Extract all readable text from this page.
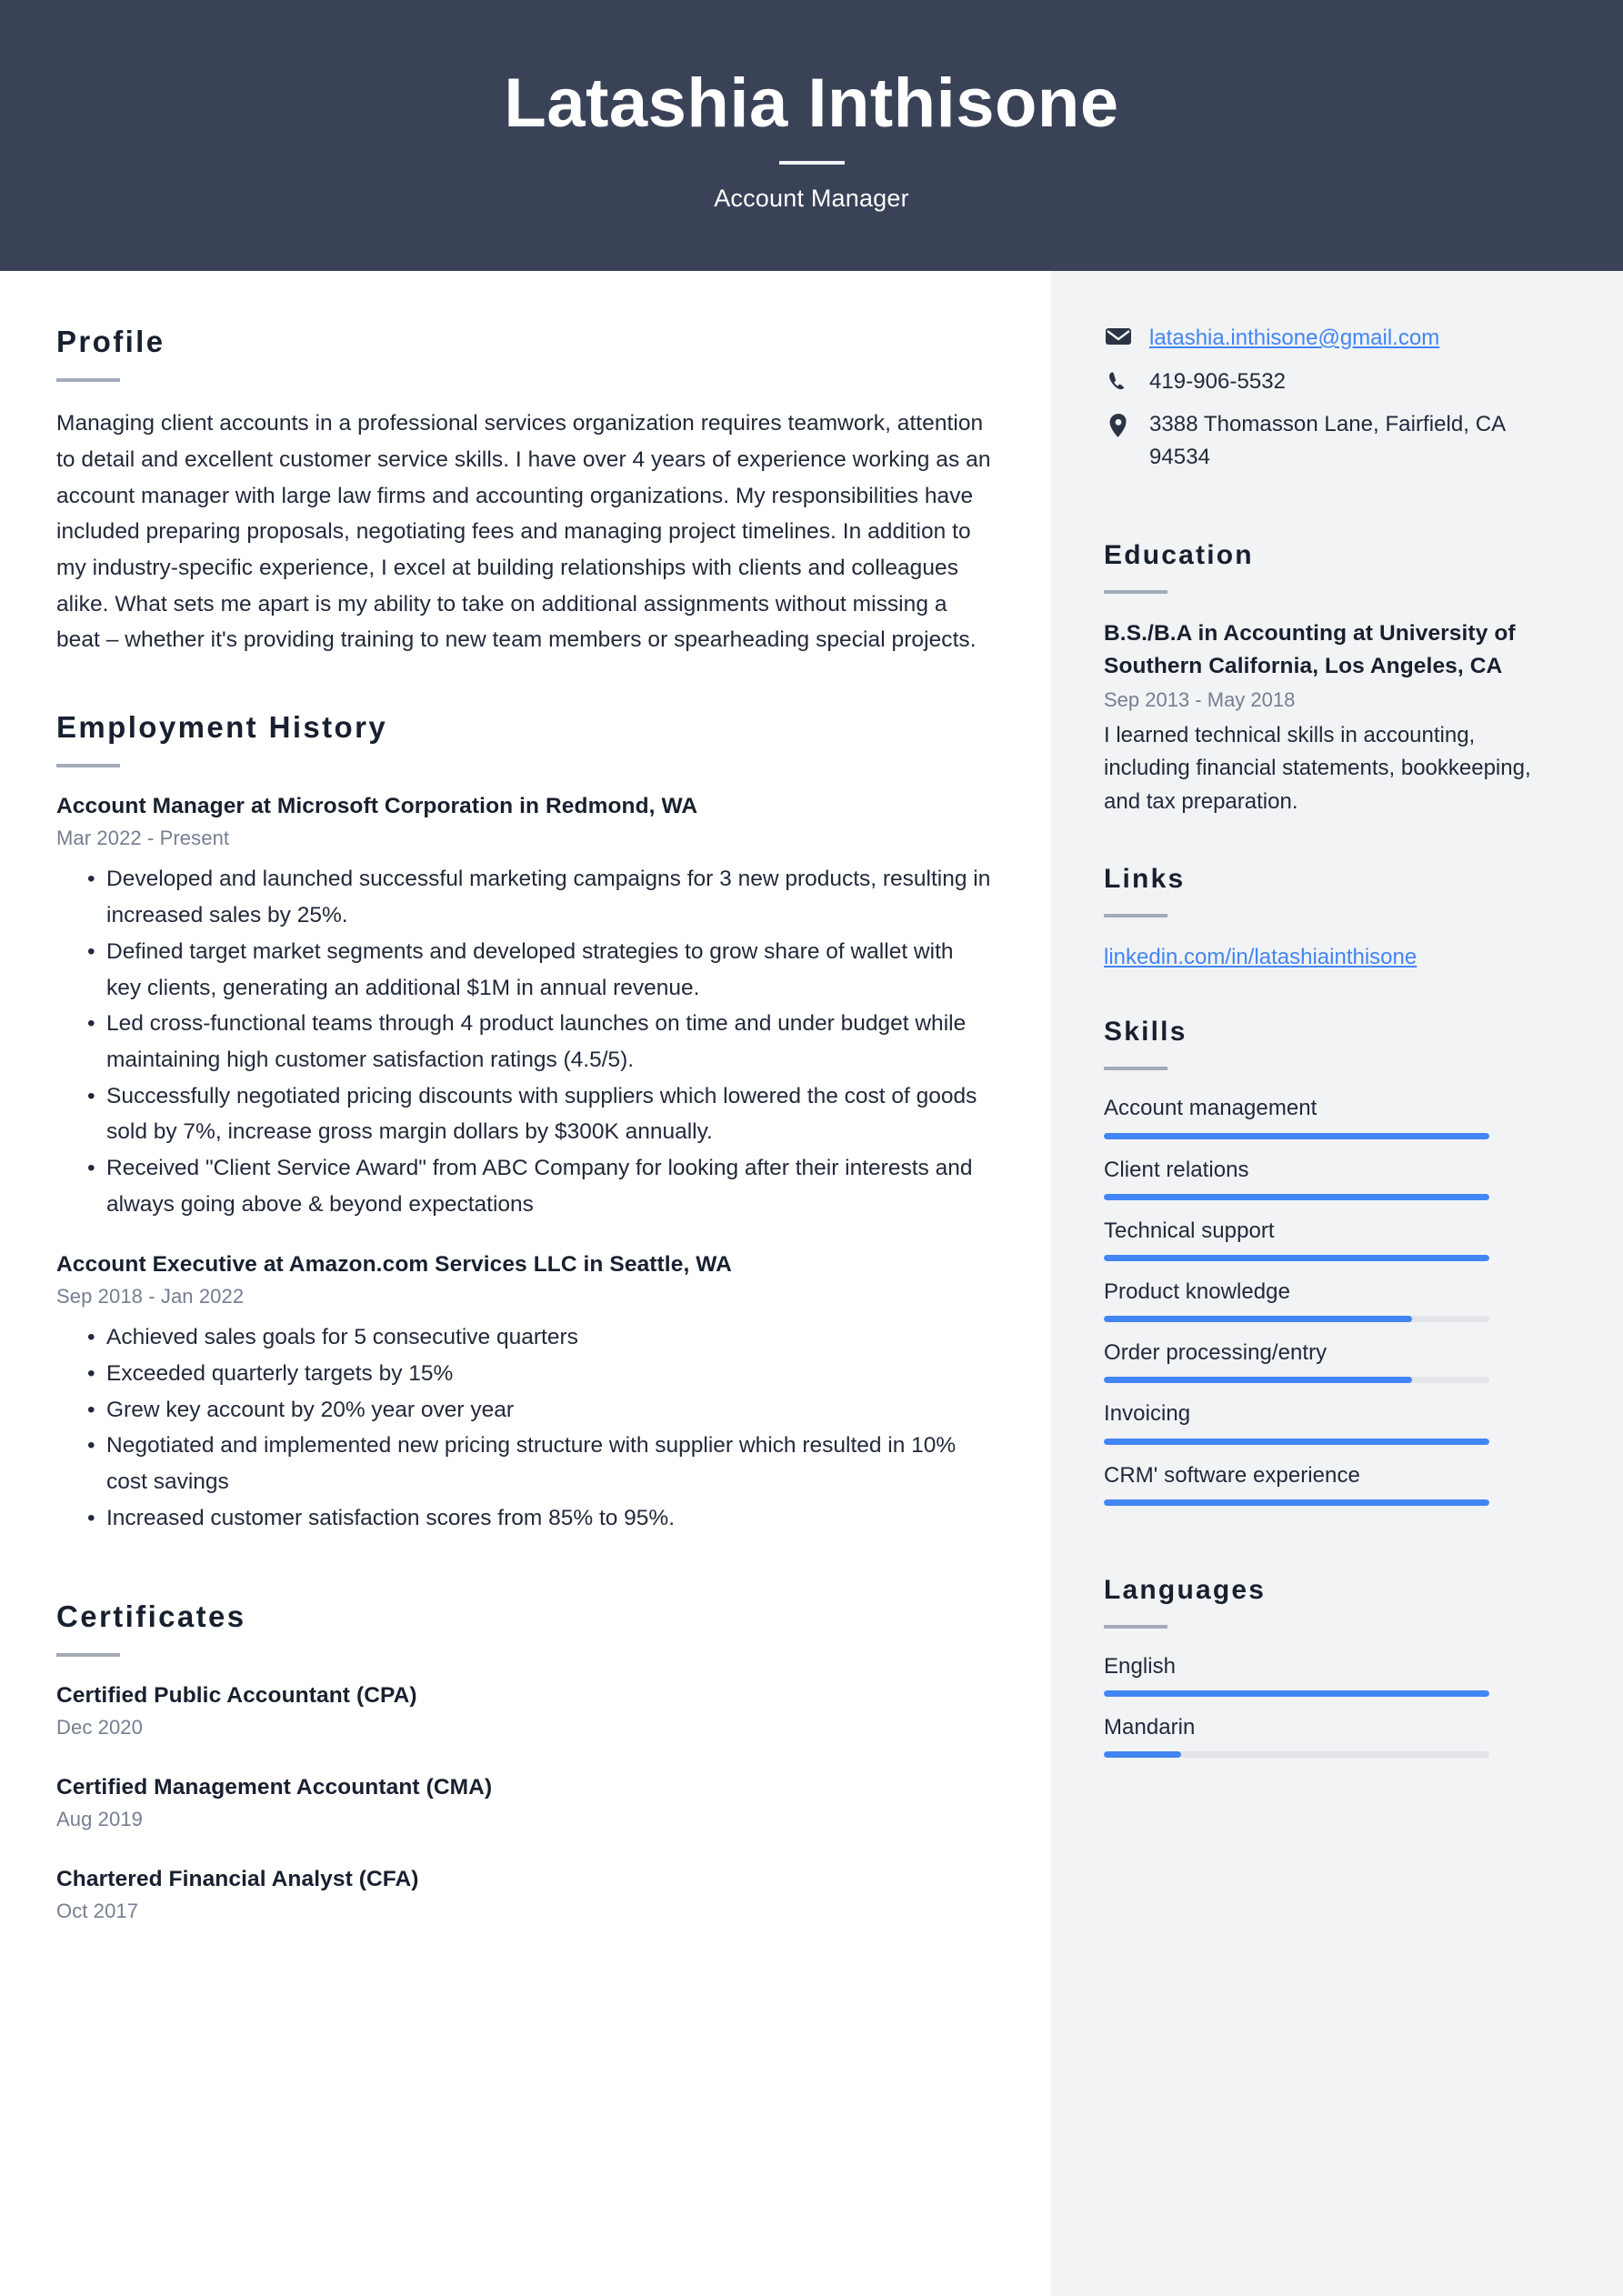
Latashia Inthisone
Account Manager
Profile
Managing client accounts in a professional services organization requires teamwork, attention to detail and excellent customer service skills. I have over 4 years of experience working as an account manager with large law firms and accounting organizations. My responsibilities have included preparing proposals, negotiating fees and managing project timelines. In addition to my industry-specific experience, I excel at building relationships with clients and colleagues alike. What sets me apart is my ability to take on additional assignments without missing a beat – whether it's providing training to new team members or spearheading special projects.
Employment History
Account Manager at Microsoft Corporation in Redmond, WA
Mar 2022 - Present
• Developed and launched successful marketing campaigns for 3 new products, resulting in increased sales by 25%.
• Defined target market segments and developed strategies to grow share of wallet with key clients, generating an additional $1M in annual revenue.
• Led cross-functional teams through 4 product launches on time and under budget while maintaining high customer satisfaction ratings (4.5/5).
• Successfully negotiated pricing discounts with suppliers which lowered the cost of goods sold by 7%, increase gross margin dollars by $300K annually.
• Received "Client Service Award" from ABC Company for looking after their interests and always going above & beyond expectations
Account Executive at Amazon.com Services LLC in Seattle, WA
Sep 2018 - Jan 2022
• Achieved sales goals for 5 consecutive quarters
• Exceeded quarterly targets by 15%
• Grew key account by 20% year over year
• Negotiated and implemented new pricing structure with supplier which resulted in 10% cost savings
• Increased customer satisfaction scores from 85% to 95%.
Certificates
Certified Public Accountant (CPA)
Dec 2020
Certified Management Accountant (CMA)
Aug 2019
Chartered Financial Analyst (CFA)
Oct 2017
latashia.inthisone@gmail.com
419-906-5532
3388 Thomasson Lane, Fairfield, CA 94534
Education
B.S./B.A in Accounting at University of Southern California, Los Angeles, CA
Sep 2013 - May 2018
I learned technical skills in accounting, including financial statements, bookkeeping, and tax preparation.
Links
linkedin.com/in/latashiainthisone
Skills
Account management
Client relations
Technical support
Product knowledge
Order processing/entry
Invoicing
CRM' software experience
Languages
English
Mandarin
